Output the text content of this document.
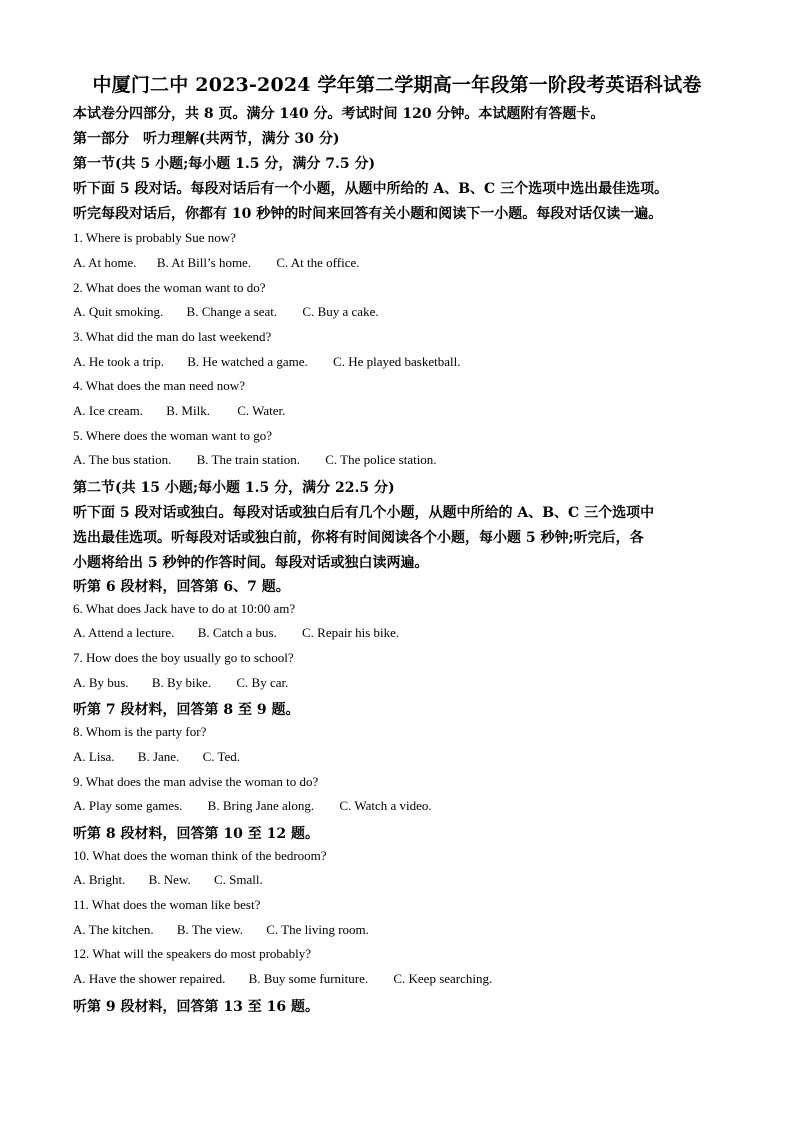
中厦门二中 2023-2024 学年第二学期高一年段第一阶段考英语科试卷
本试卷分四部分，共 8 页。满分 140 分。考试时间 120 分钟。本试题附有答题卡。
第一部分　听力理解(共两节，满分 30 分)
第一节(共 5 小题;每小题 1.5 分，满分 7.5 分)
听下面 5 段对话。每段对话后有一个小题，从题中所给的 A、B、C 三个选项中选出最佳选项。
听完每段对话后，你都有 10 秒钟的时间来回答有关小题和阅读下一小题。每段对话仅读一遍。
1. Where is probably Sue now?
A. At home. B. At Bill’s home. C. At the office.
2. What does the woman want to do?
A. Quit smoking. B. Change a seat. C. Buy a cake.
3. What did the man do last weekend?
A. He took a trip. B. He watched a game. C. He played basketball.
4. What does the man need now?
A. Ice cream. B. Milk. C. Water.
5. Where does the woman want to go?
A. The bus station. B. The train station. C. The police station.
第二节(共 15 小题;每小题 1.5 分，满分 22.5 分)
听下面 5 段对话或独白。每段对话或独白后有几个小题，从题中所给的 A、B、C 三个选项中
选出最佳选项。听每段对话或独白前，你将有时间阅读各个小题，每小题 5 秒钟;听完后，各
小题将给出 5 秒钟的作答时间。每段对话或独白读两遍。
听第 6 段材料，回答第 6、7 题。
6. What does Jack have to do at 10:00 am?
A. Attend a lecture. B. Catch a bus. C. Repair his bike.
7. How does the boy usually go to school?
A. By bus. B. By bike. C. By car.
听第 7 段材料，回答第 8 至 9 题。
8. Whom is the party for?
A. Lisa. B. Jane. C. Ted.
9. What does the man advise the woman to do?
A. Play some games. B. Bring Jane along. C. Watch a video.
听第 8 段材料，回答第 10 至 12 题。
10. What does the woman think of the bedroom?
A. Bright. B. New. C. Small.
11. What does the woman like best?
A. The kitchen. B. The view. C. The living room.
12. What will the speakers do most probably?
A. Have the shower repaired. B. Buy some furniture. C. Keep searching.
听第 9 段材料，回答第 13 至 16 题。
